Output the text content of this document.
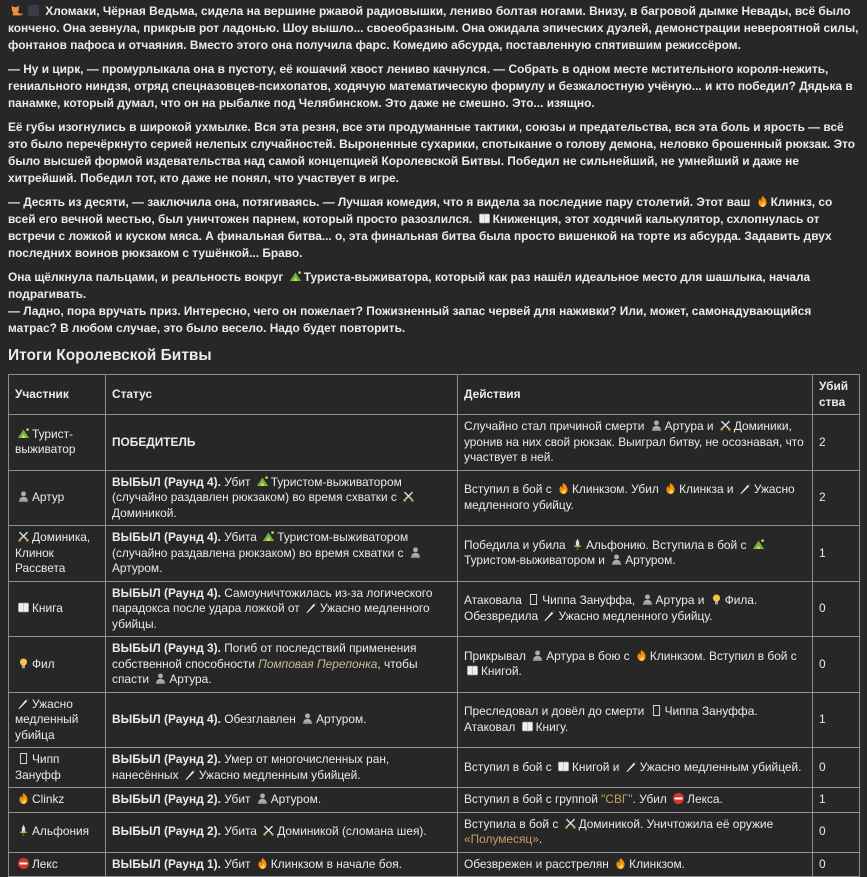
Хломаки, Чёрная Ведьма, сидела на вершине ржавой радиовышки, лениво болтая ногами. Внизу, в багровой дымке Невады, всё было кончено. Она зевнула, прикрыв рот ладонью. Шоу вышло... своеобразным. Она ожидала эпических дуэлей, демонстрации невероятной силы, фонтанов пафоса и отчаяния. Вместо этого она получила фарс. Комедию абсурда, поставленную спятившим режиссёром.

— Ну и цирк, — промурлыкала она в пустоту, её кошачий хвост лениво качнулся. — Собрать в одном месте мстительного короля-нежить, гениального ниндзя, отряд спецназовцев-психопатов, ходячую математическую формулу и безжалостную учёную... и кто победил? Дядька в панамке, который думал, что он на рыбалке под Челябинском. Это даже не смешно. Это... изящно.

Её губы изогнулись в широкой ухмылке. Вся эта резня, все эти продуманные тактики, союзы и предательства, вся эта боль и ярость — всё это было перечёркнуто серией нелепых случайностей. Выроненные сухарики, спотыкание о голову демона, неловко брошенный рюкзак. Это было высшей формой издевательства над самой концепцией Королевской Битвы. Победил не сильнейший, не умнейший и даже не хитрейший. Победил тот, кто даже не понял, что участвует в игре.

— Десять из десяти, — заключила она, потягиваясь. — Лучшая комедия, что я видела за последние пару столетий. Этот ваш
Клинкз, со всей его вечной местью, был уничтожен парнем, который просто разозлился.
Книженция, этот ходячий калькулятор, схлопнулась от встречи с ложкой и куском мяса. А финальная битва... о, эта финальная битва была просто вишенкой на торте из абсурда. Задавить двух последних воинов рюкзаком с тушёнкой... Браво.

Она щёлкнула пальцами, и реальность вокруг
Туриста-выживатора, который как раз нашёл идеальное место для шашлыка, начала подрагивать.
— Ладно, пора вручать приз. Интересно, чего он пожелает? Пожизненный запас червей для наживки? Или, может, самонадувающийся матрас? В любом случае, это было весело. Надо будет повторить.

Итоги Королевской Битвы
Участник	Статус	Действия	Убийства

Турист-выживатор	ПОБЕДИТЕЛЬ	Случайно стал причиной смерти
Артура и
Доминики, уронив на них свой рюкзак. Выиграл битву, не осознавая, что участвует в ней.	2

Артур	ВЫБЫЛ (Раунд 4). Убит
Туристом-выживатором (случайно раздавлен рюкзаком) во время схватки с
Доминикой.	Вступил в бой с
Клинкзом. Убил
Клинкза и
Ужасно медленного убийцу.	2

Доминика, Клинок Рассвета	ВЫБЫЛ (Раунд 4). Убита
Туристом-выживатором (случайно раздавлена рюкзаком) во время схватки с
Артуром.	Победила и убила
Альфонию. Вступила в бой с
Туристом-выживатором и
Артуром.	1

Книга	ВЫБЫЛ (Раунд 4). Самоуничтожилась из-за логического парадокса после удара ложкой от
Ужасно медленного убийцы.	Атаковала
Чиппа Зануффа,
Артура и
Фила. Обезвредила
Ужасно медленного убийцу.	0

Фил	ВЫБЫЛ (Раунд 3). Погиб от последствий применения собственной способности Помповая Перепонка, чтобы спасти
Артура.	Прикрывал
Артура в бою с
Клинкзом. Вступил в бой с
Книгой.	0

Ужасно медленный убийца	ВЫБЫЛ (Раунд 4). Обезглавлен
Артуром.	Преследовал и довёл до смерти
Чиппа Зануффа. Атаковал
Книгу.	1

Чипп Зануфф	ВЫБЫЛ (Раунд 2). Умер от многочисленных ран, нанесённых
Ужасно медленным убийцей.	Вступил в бой с
Книгой и
Ужасно медленным убийцей.	0

Clinkz	ВЫБЫЛ (Раунд 2). Убит
Артуром.	Вступил в бой с группой "СВГ". Убил
Лекса.	1

Альфония	ВЫБЫЛ (Раунд 2). Убита
Доминикой (сломана шея).	Вступила в бой с
Доминикой. Уничтожила её оружие «Полумесяц».	0

Лекс	ВЫБЫЛ (Раунд 1). Убит
Клинкзом в начале боя.	Обезврежен и расстрелян
Клинкзом.	0
